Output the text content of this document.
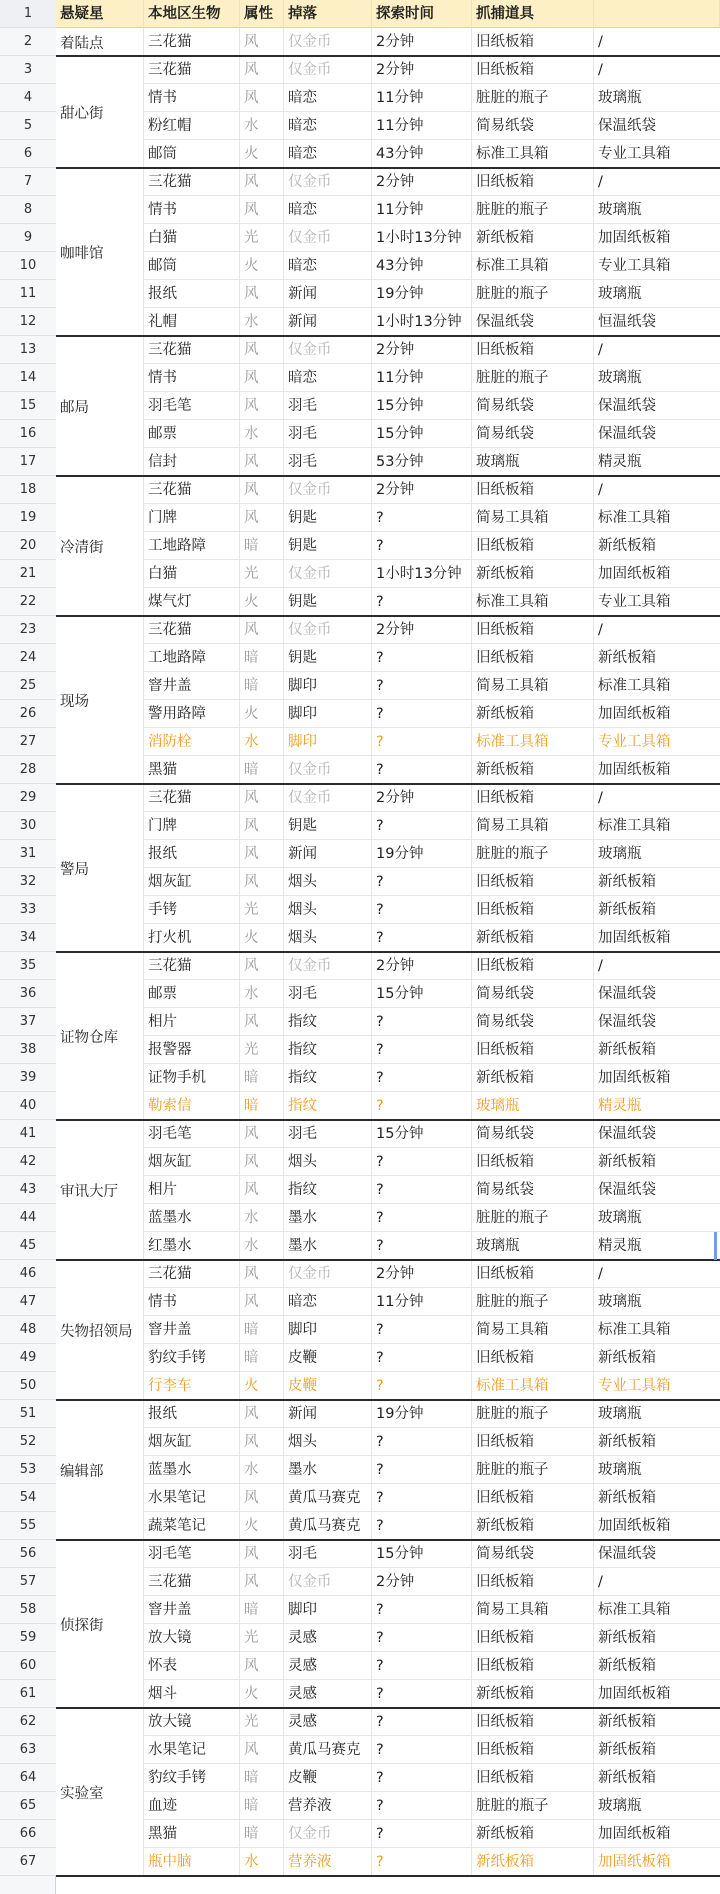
1	悬疑星	本地区生物	属性	掉落	探索时间	抓捕道具
2	三花猫	风	仅金币	2分钟	旧纸板箱	/
着陆点
3	三花猫	风	仅金币	2分钟	旧纸板箱	/
4	情书	风	暗恋	11分钟	脏脏的瓶子	玻璃瓶
5	粉红帽	水	暗恋	11分钟	简易纸袋	保温纸袋
6	邮筒	火	暗恋	43分钟	标准工具箱	专业工具箱
甜心街
7	三花猫	风	仅金币	2分钟	旧纸板箱	/
8	情书	风	暗恋	11分钟	脏脏的瓶子	玻璃瓶
9	白猫	光	仅金币	1小时13分钟 新纸板箱	加固纸板箱
10	邮筒	火	暗恋	43分钟	标准工具箱	专业工具箱
11	报纸	风	新闻	19分钟	脏脏的瓶子	玻璃瓶
12	礼帽	水	新闻	1小时13分钟 保温纸袋	恒温纸袋
咖啡馆
13	三花猫	风	仅金币	2分钟	旧纸板箱	/
14	情书	风	暗恋	11分钟	脏脏的瓶子	玻璃瓶
15	羽毛笔	风	羽毛	15分钟	简易纸袋	保温纸袋
16	邮票	水	羽毛	15分钟	简易纸袋	保温纸袋
17	信封	风	羽毛	53分钟	玻璃瓶	精灵瓶
邮局
18	三花猫	风	仅金币	2分钟	旧纸板箱	/
19	门牌	风	钥匙	?	简易工具箱	标准工具箱
20	工地路障	暗	钥匙	?	旧纸板箱	新纸板箱
21	白猫	光	仅金币	1小时13分钟 新纸板箱	加固纸板箱
22	煤气灯	火	钥匙	?	标准工具箱	专业工具箱
冷清街
23	三花猫	风	仅金币	2分钟	旧纸板箱	/
24	工地路障	暗	钥匙	?	旧纸板箱	新纸板箱
25	窨井盖	暗	脚印	?	简易工具箱	标准工具箱
26	警用路障	火	脚印	?	新纸板箱	加固纸板箱
27	消防栓	水	脚印	?	标准工具箱	专业工具箱
28	黑猫	暗	仅金币	?	新纸板箱	加固纸板箱
现场
29	三花猫	风	仅金币	2分钟	旧纸板箱	/
30	门牌	风	钥匙	?	简易工具箱	标准工具箱
31	报纸	风	新闻	19分钟	脏脏的瓶子	玻璃瓶
32	烟灰缸	风	烟头	?	旧纸板箱	新纸板箱
33	手铐	光	烟头	?	旧纸板箱	新纸板箱
34	打火机	火	烟头	?	新纸板箱	加固纸板箱
警局
35	三花猫	风	仅金币	2分钟	旧纸板箱	/
36	邮票	水	羽毛	15分钟	简易纸袋	保温纸袋
37	相片	风	指纹	?	简易纸袋	保温纸袋
38	报警器	光	指纹	?	旧纸板箱	新纸板箱
39	证物手机	暗	指纹	?	新纸板箱	加固纸板箱
40	勒索信	暗	指纹	?	玻璃瓶	精灵瓶
证物仓库
41	羽毛笔	风	羽毛	15分钟	简易纸袋	保温纸袋
42	烟灰缸	风	烟头	?	旧纸板箱	新纸板箱
43	相片	风	指纹	?	简易纸袋	保温纸袋
44	蓝墨水	水	墨水	?	脏脏的瓶子	玻璃瓶
45	红墨水	水	墨水	?	玻璃瓶	精灵瓶
审讯大厅
46	三花猫	风	仅金币	2分钟	旧纸板箱	/
47	情书	风	暗恋	11分钟	脏脏的瓶子	玻璃瓶
48	窨井盖	暗	脚印	?	简易工具箱	标准工具箱
49	豹纹手铐	暗	皮鞭	?	旧纸板箱	新纸板箱
50	行李车	火	皮鞭	?	标准工具箱	专业工具箱
失物招领局
51	报纸	风	新闻	19分钟	脏脏的瓶子	玻璃瓶
52	烟灰缸	风	烟头	?	旧纸板箱	新纸板箱
53	蓝墨水	水	墨水	?	脏脏的瓶子	玻璃瓶
54	水果笔记	风	黄瓜马赛克	?	旧纸板箱	新纸板箱
55	蔬菜笔记	火	黄瓜马赛克	?	新纸板箱	加固纸板箱
编辑部
56	羽毛笔	风	羽毛	15分钟	简易纸袋	保温纸袋
57	三花猫	风	仅金币	2分钟	旧纸板箱	/
58	窨井盖	暗	脚印	?	简易工具箱	标准工具箱
59	放大镜	光	灵感	?	旧纸板箱	新纸板箱
60	怀表	风	灵感	?	旧纸板箱	新纸板箱
61	烟斗	火	灵感	?	新纸板箱	加固纸板箱
侦探街
62	放大镜	光	灵感	?	旧纸板箱	新纸板箱
63	水果笔记	风	黄瓜马赛克	?	旧纸板箱	新纸板箱
64	豹纹手铐	暗	皮鞭	?	旧纸板箱	新纸板箱
65	血迹	暗	营养液	?	脏脏的瓶子	玻璃瓶
66	黑猫	暗	仅金币	?	新纸板箱	加固纸板箱
67	瓶中脑	水	营养液	?	新纸板箱	加固纸板箱
实验室
